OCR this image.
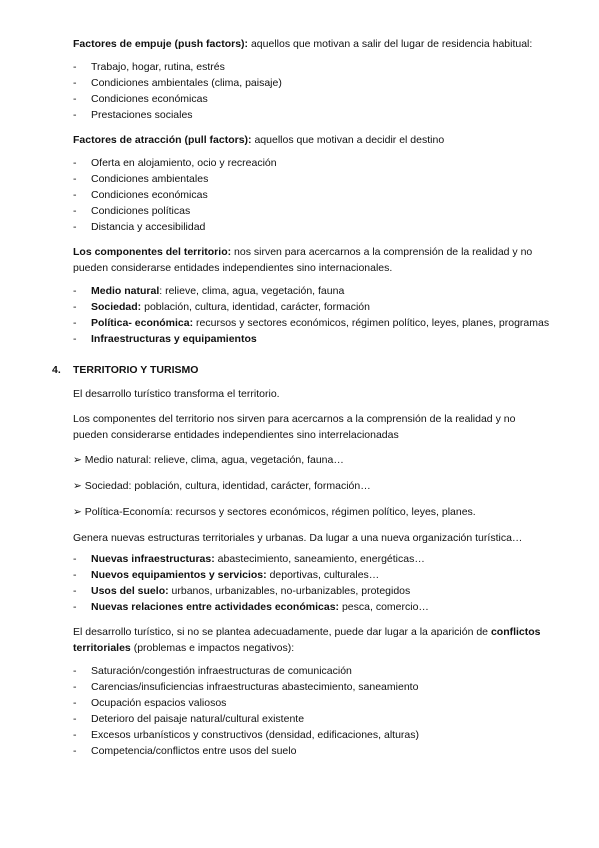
Factores de empuje (push factors): aquellos que motivan a salir del lugar de residencia habitual:
- Trabajo, hogar, rutina, estrés
- Condiciones ambientales (clima, paisaje)
- Condiciones económicas
- Prestaciones sociales
Factores de atracción (pull factors): aquellos que motivan a decidir el destino
- Oferta en alojamiento, ocio y recreación
- Condiciones ambientales
- Condiciones económicas
- Condiciones políticas
- Distancia y accesibilidad
Los componentes del territorio: nos sirven para acercarnos a la comprensión de la realidad y no
pueden considerarse entidades independientes sino internacionales.
- Medio natural: relieve, clima, agua, vegetación, fauna
- Sociedad: población, cultura, identidad, carácter, formación
- Política- económica: recursos y sectores económicos, régimen político, leyes, planes, programas
- Infraestructuras y equipamientos
4. TERRITORIO Y TURISMO
El desarrollo turístico transforma el territorio.
Los componentes del territorio nos sirven para acercarnos a la comprensión de la realidad y no
pueden considerarse entidades independientes sino interrelacionadas
➢ Medio natural: relieve, clima, agua, vegetación, fauna…
➢ Sociedad: población, cultura, identidad, carácter, formación…
➢ Política-Economía: recursos y sectores económicos, régimen político, leyes, planes.
Genera nuevas estructuras territoriales y urbanas. Da lugar a una nueva organización turística…
- Nuevas infraestructuras: abastecimiento, saneamiento, energéticas…
- Nuevos equipamientos y servicios: deportivas, culturales…
- Usos del suelo: urbanos, urbanizables, no-urbanizables, protegidos
- Nuevas relaciones entre actividades económicas: pesca, comercio…
El desarrollo turístico, si no se plantea adecuadamente, puede dar lugar a la aparición de conflictos
territoriales (problemas e impactos negativos):
- Saturación/congestión infraestructuras de comunicación
- Carencias/insuficiencias infraestructuras abastecimiento, saneamiento
- Ocupación espacios valiosos
- Deterioro del paisaje natural/cultural existente
- Excesos urbanísticos y constructivos (densidad, edificaciones, alturas)
- Competencia/conflictos entre usos del suelo
